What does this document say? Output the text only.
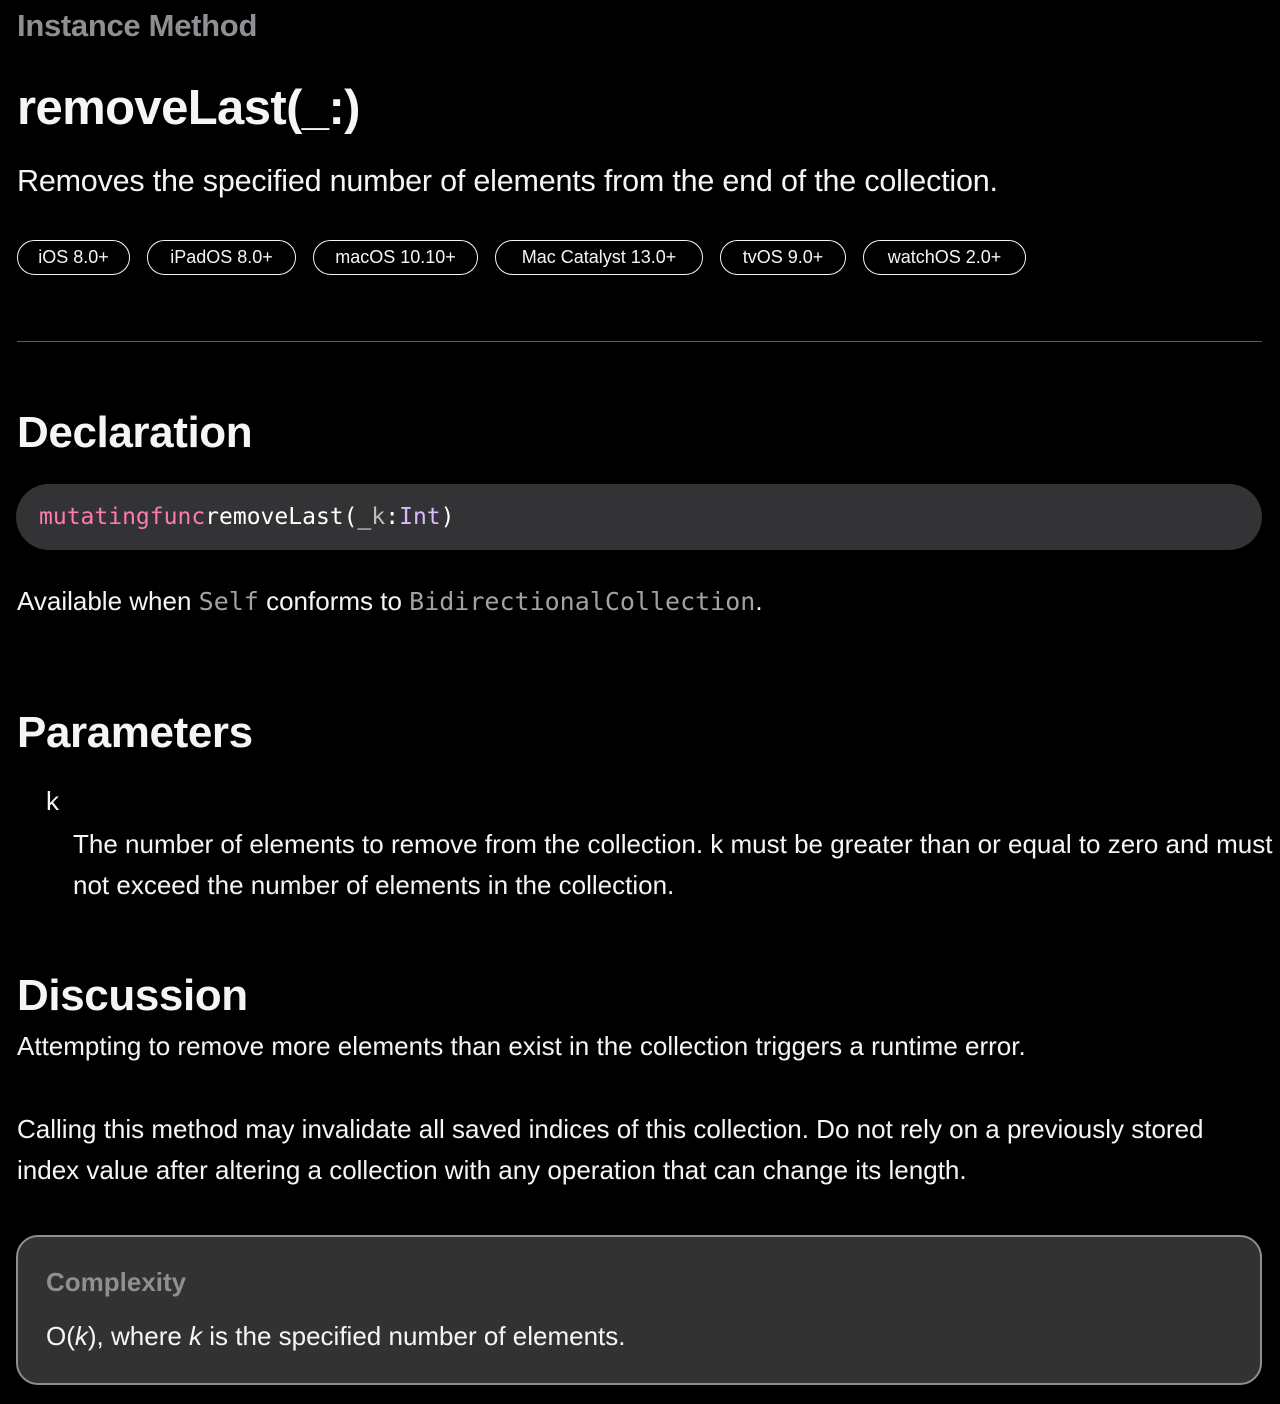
Instance Method
removeLast(_:)
Removes the specified number of elements from the end of the collection.
iOS 8.0+	iPadOS 8.0+	macOS 10.10+	Mac Catalyst 13.0+	tvOS 9.0+	watchOS 2.0+
Declaration
mutating func removeLast ( _ k : Int )
Available when Self conforms to BidirectionalCollection.
Parameters
k
The number of elements to remove from the collection. k must be greater than or equal to zero and must not exceed the number of elements in the collection.
Discussion

Attempting to remove more elements than exist in the collection triggers a runtime error.

Calling this method may invalidate all saved indices of this collection. Do not rely on a previously stored index value after altering a collection with any operation that can change its length.

Complexity
O(k), where k is the specified number of elements.
